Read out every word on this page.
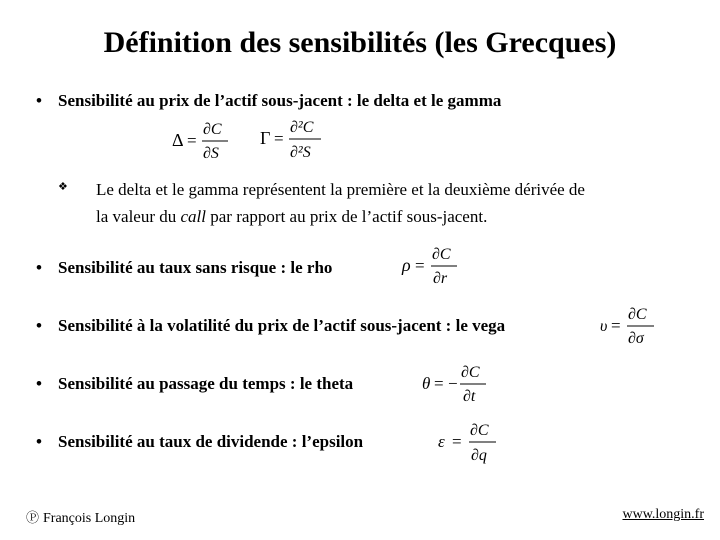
Définition des sensibilités (les Grecques)
• Sensibilité au prix de l’actif sous-jacent : le delta et le gamma
Δ =
∂C
∂S
Γ =
∂²C
∂²S
❖ Le delta et le gamma représentent la première et la deuxième dérivée de
la valeur du call par rapport au prix de l’actif sous-jacent.
• Sensibilité au taux sans risque : le rho	ρ =
∂C
∂r
• Sensibilité à la volatilité du prix de l’actif sous-jacent : le vega	υ =
∂C
∂σ
• Sensibilité au passage du temps : le theta	θ = −
∂C
∂t
• Sensibilité au taux de dividende : l’epsilon	ε =
∂C
∂q
Ⓟ François Longin	www.longin.fr
